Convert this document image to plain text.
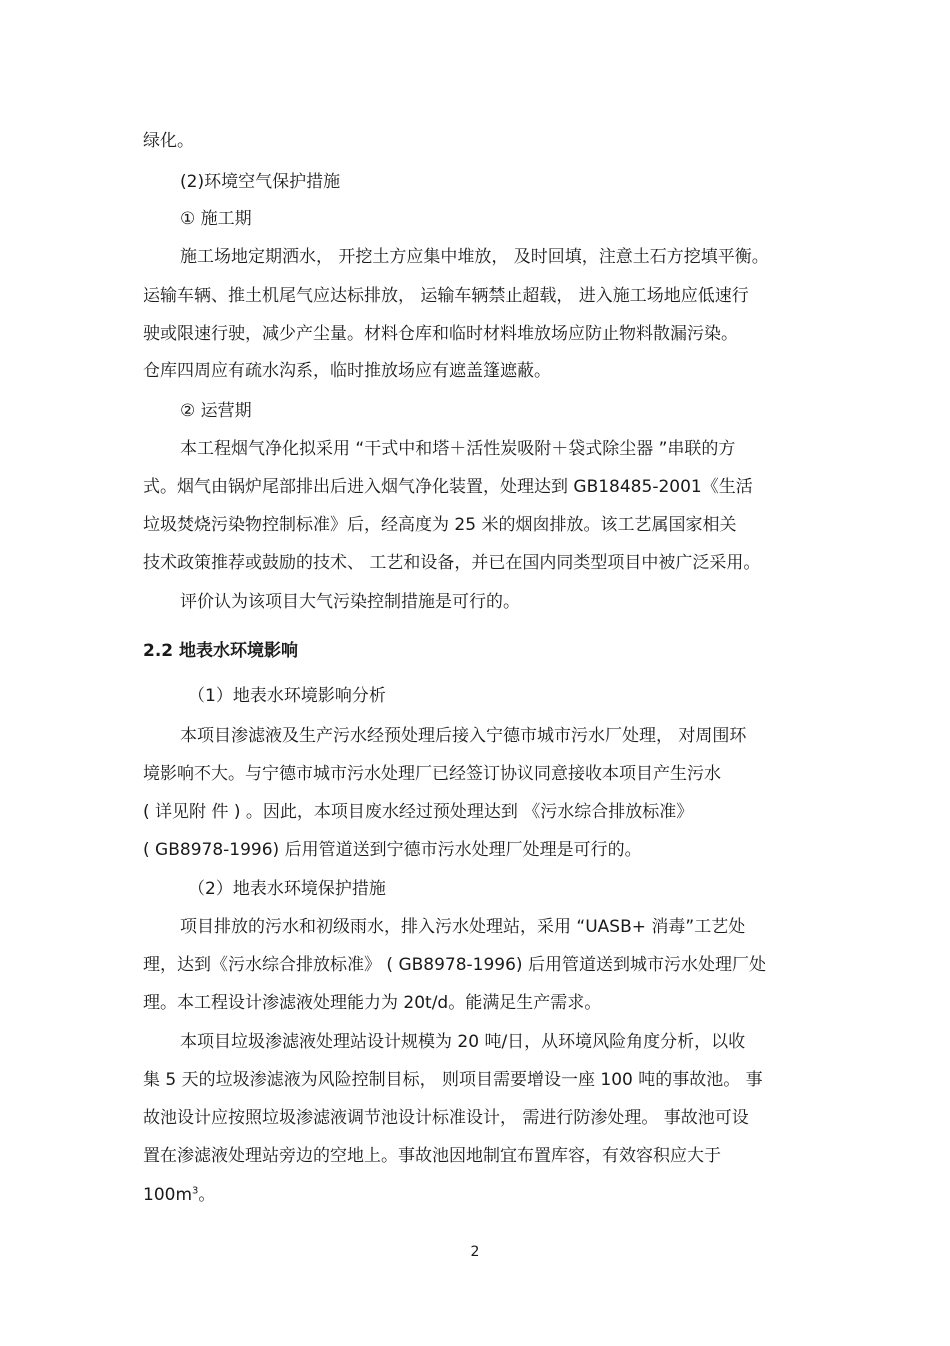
绿化。
(2)环境空气保护措施
① 施工期
施工场地定期洒水， 开挖土方应集中堆放， 及时回填，注意土石方挖填平衡。
运输车辆、推土机尾气应达标排放， 运输车辆禁止超载， 进入施工场地应低速行
驶或限速行驶，减少产尘量。材料仓库和临时材料堆放场应防止物料散漏污染。
仓库四周应有疏水沟系，临时推放场应有遮盖篷遮蔽。
② 运营期
本工程烟气净化拟采用 “干式中和塔＋活性炭吸附＋袋式除尘器 ”串联的方
式。烟气由锅炉尾部排出后进入烟气净化装置，处理达到 GB18485-2001《生活
垃圾焚烧污染物控制标准》后，经高度为 25 米的烟囱排放。该工艺属国家相关
技术政策推荐或鼓励的技术、 工艺和设备，并已在国内同类型项目中被广泛采用。
评价认为该项目大气污染控制措施是可行的。
2.2 地表水环境影响
（1）地表水环境影响分析
本项目渗滤液及生产污水经预处理后接入宁德市城市污水厂处理， 对周围环
境影响不大。与宁德市城市污水处理厂已经签订协议同意接收本项目产生污水
( 详见附 件 ) 。因此，本项目废水经过预处理达到 《污水综合排放标准》
( GB8978-1996) 后用管道送到宁德市污水处理厂处理是可行的。
（2）地表水环境保护措施
项目排放的污水和初级雨水，排入污水处理站，采用 “UASB+ 消毒”工艺处
理，达到《污水综合排放标准》 ( GB8978-1996) 后用管道送到城市污水处理厂处
理。本工程设计渗滤液处理能力为 20t/d。能满足生产需求。
本项目垃圾渗滤液处理站设计规模为 20 吨/日，从环境风险角度分析，以收
集 5 天的垃圾渗滤液为风险控制目标， 则项目需要增设一座 100 吨的事故池。 事
故池设计应按照垃圾渗滤液调节池设计标准设计， 需进行防渗处理。 事故池可设
置在渗滤液处理站旁边的空地上。事故池因地制宜布置库容，有效容积应大于
$100m^3$。
2
